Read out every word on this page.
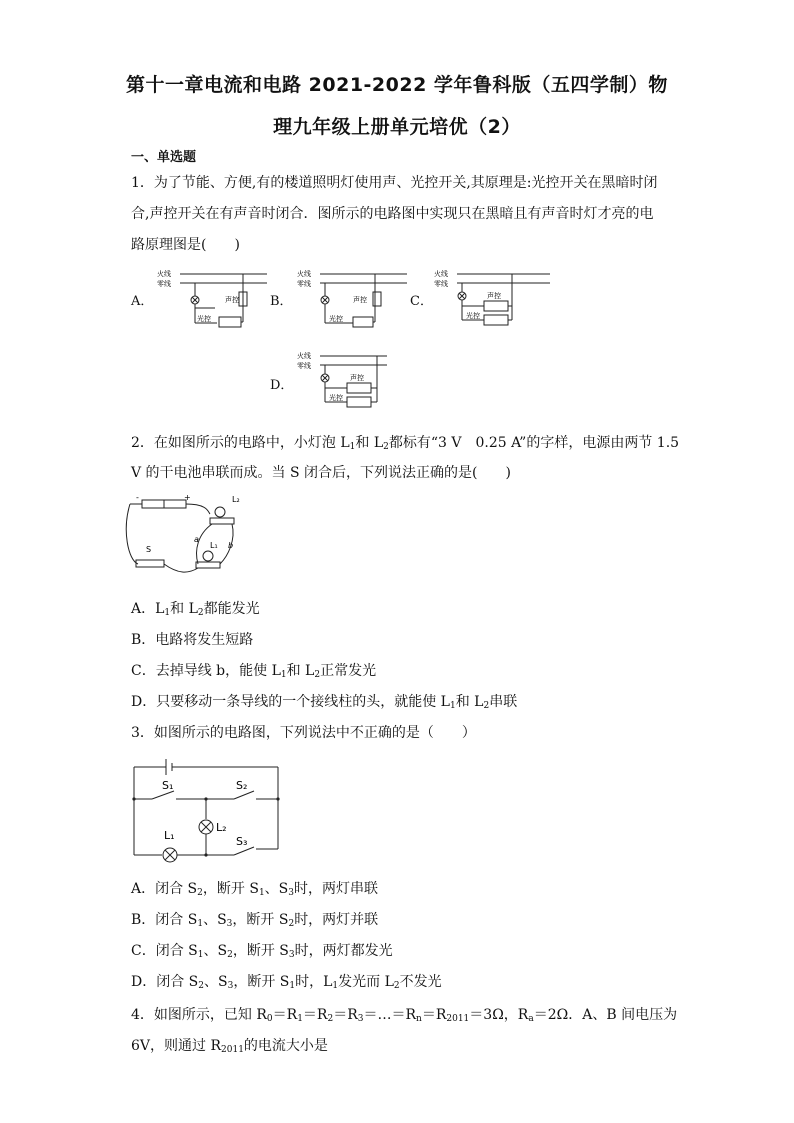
第十一章电流和电路 2021-2022 学年鲁科版（五四学制）物
理九年级上册单元培优（2）
一、单选题
1．为了节能、方便,有的楼道照明灯使用声、光控开关,其原理是:光控开关在黑暗时闭
合,声控开关在有声音时闭合．图所示的电路图中实现只在黑暗且有声音时灯才亮的电
路原理图是(　　)
A．	B．	C．
D．
火线
零线
光控
声控
火线
零线
光控
声控
火线
零线
声控
光控
火线
零线
声控
光控
2．在如图所示的电路中，小灯泡 $L_1$和 $L_2$都标有“3 V　0.25 A”的字样，电源由两节 1.5
V 的干电池串联而成。当 S 闭合后，下列说法正确的是(　　)
-	+	L₂
L₁
a
b
S
A．$L_1$和 $L_2$都能发光
B．电路将发生短路
C．去掉导线 b，能使 $L_1$和 $L_2$正常发光
D．只要移动一条导线的一个接线柱的头，就能使 $L_1$和 $L_2$串联
3．如图所示的电路图，下列说法中不正确的是（　　）
S₁	S₂
L₂
L₁	S₃
A．闭合 $S_2$，断开 $S_1$、$S_3$时，两灯串联
B．闭合 $S_1$、$S_3$，断开 $S_2$时，两灯并联
C．闭合 $S_1$、$S_2$，断开 $S_3$时，两灯都发光
D．闭合 $S_2$、$S_3$，断开 $S_1$时，$L_1$发光而 $L_2$不发光
4．如图所示，已知 $R_0=R_1=R_2=R_3=\dots=R_n=R_{2011}=3\Omega$，$R_a=2\Omega$．A、B 间电压为
6V，则通过 $R_{2011}$的电流大小是
